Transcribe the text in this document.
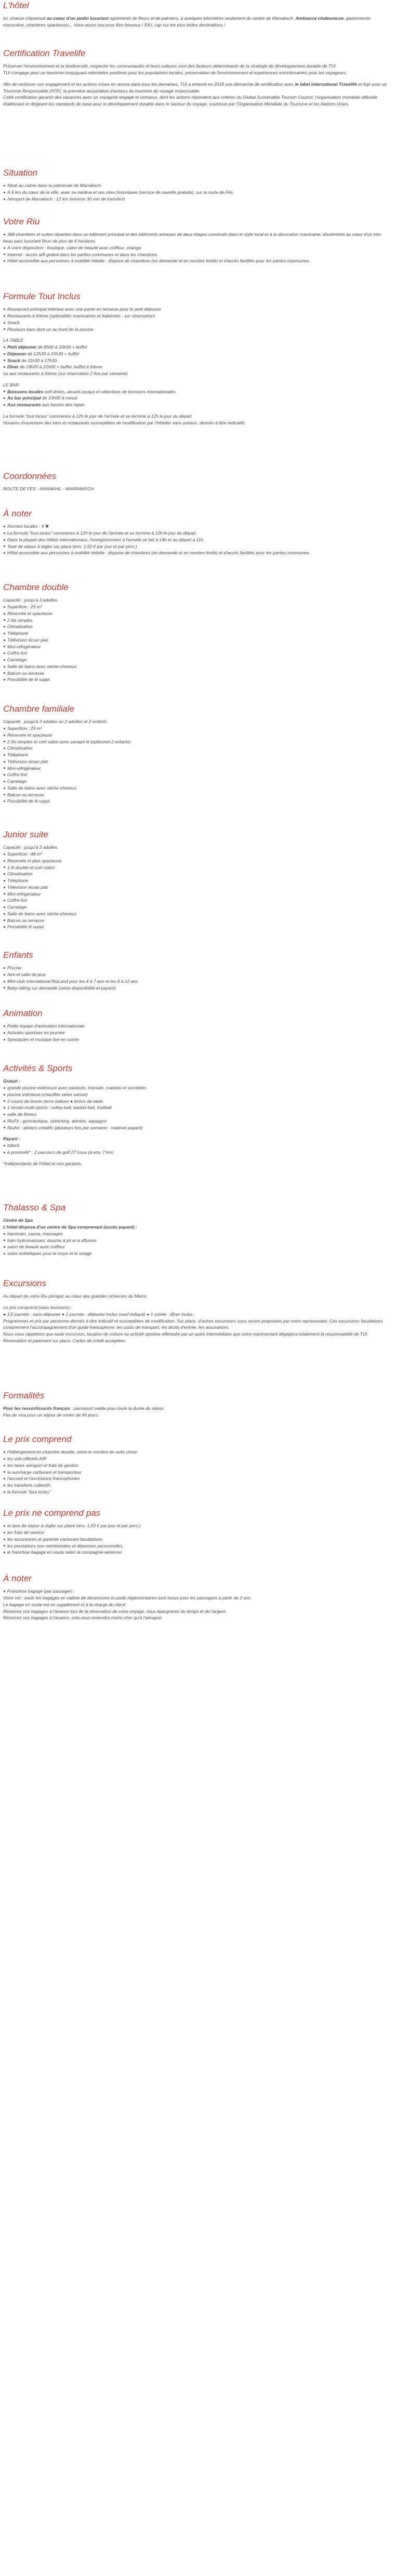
L'hôtel

Ici, chacun s'épanouit au coeur d'un jardin luxuriant agrémenté de fleurs et de palmiers, à quelques kilomètres seulement du centre de Marrakech. Ambiance chaleureuse, gastronomie marocaine, chambres spacieuses... Vous aurez tout pour être heureux ! RIU, cap sur les plus belles destinations !

Certification Travelife

Préserver l'environnement et la biodiversité, respecter les communautés et leurs cultures sont des facteurs déterminants de la stratégie de développement durable de TUI.

TUI s'engage pour un tourisme conjuguant retombées positives pour les populations locales, préservation de l'environnement et expériences enrichissantes pour les voyageurs.

Afin de renforcer son engagement et les actions mises en œuvre dans tous les domaines, TUI a entamé en 2018 une démarche de certification avec le label international Travelife et Agir pour un Tourisme Responsable (ATR), la première association d'acteurs du tourisme du voyage responsable.

Cette certification garantit des vacances avec un voyagiste engagé et vertueux, dont les actions répondent aux critères du Global Sustainable Tourism Council, l'organisation mondiale officielle établissant et dirigeant les standards de base pour le développement durable dans le secteur du voyage, soutenue par l'Organisation Mondiale du Tourisme et les Nations Unies.

Situation
Situé au calme dans la palmeraie de Marrakech.
À 6 km du cœur de la ville, avec sa médina et ses sites historiques (service de navette gratuite), sur la route de Fès.
Aéroport de Marrakech : 12 km (environ 30 min de transfert)
Votre Riu
388 chambres et suites réparties dans un bâtiment principal et des bâtiments annexes de deux étages construits dans le style local et à la décoration marocaine, disséminés au cœur d'un très beau parc luxuriant fleuri de plus de 6 hectares.
À votre disposition : boutique, salon de beauté avec coiffeur, change.
Internet : accès wifi gratuit dans les parties communes et dans les chambres.
Hôtel accessible aux personnes à mobilité réduite : dispose de chambres (en demande et en nombre limité) et d'accès facilités pour les parties communes.
Formule Tout Inclus
Restaurant principal intérieur avec une partie en terrasse pour le petit déjeuner
Restaurants à thème (spécialités marocaines et italiennes - sur réservation)
Snack
Plusieurs bars dont un au bord de la piscine

LA TABLE

Petit déjeuner de 8h00 à 10h30 + buffet
Déjeuner de 12h30 à 15h30 + buffet
Snack de 11h30 à 17h30
Dîner de 19h00 à 22h00 + buffet, buffet à thème

ou aux restaurants à thème (sur réservation 2 fois par semaine)

LE BAR

Boissons locales soft drinks, alcools locaux et sélections de boissons internationales
Au bar principal de 10h00 à minuit
Aux restaurants aux heures des repas

La formule "tout inclus" commence à 12h le jour de l'arrivée et se termine à 12h le jour du départ.

Horaires d'ouverture des bars et restaurants susceptibles de modification par l'hôtelier sans préavis, donnés à titre indicatifs.

Coordonnées

ROUTE DE FÈS - ANNAKHIL - MARRAKECH

À noter
Normes locales : 4 ✱
La formule "tout inclus" commence à 12h le jour de l'arrivée et se termine à 12h le jour du départ.
Dans la plupart des hôtels internationaux, l'enregistrement à l'arrivée se fait à 14h et au départ à 11h.
Taxe de séjour à régler sur place (env. 1,50 € par jour et par pers.).
Hôtel accessible aux personnes à mobilité réduite : dispose de chambres (en demande et en nombre limité) et d'accès facilités pour les parties communes.
Chambre double

Capacité : jusqu'à 3 adultes.

Superficie : 29 m²
Réservée et spacieuse
2 lits simples
Climatisation
Téléphone
Télévision écran plat
Mini-réfrigérateur
Coffre-fort
Carrelage
Salle de bains avec sèche-cheveux
Balcon ou terrasse
Possibilité de lit suppl.
Chambre familiale

Capacité : jusqu'à 3 adultes ou 2 adultes et 2 enfants.

Superficie : 29 m²
Réservée et spacieuse
2 lits simples et coin salon avec canapé lit (optionnel 2 enfants)
Climatisation
Téléphone
Télévision écran plat
Mini-réfrigérateur
Coffre-fort
Carrelage
Salle de bains avec sèche-cheveux
Balcon ou terrasse
Possibilité de lit suppl.
Junior suite

Capacité : jusqu'à 3 adultes.

Superficie : 48 m²
Réservée et plus spacieuse
1 lit double et coin salon
Climatisation
Téléphone
Télévision écran plat
Mini-réfrigérateur
Coffre-fort
Carrelage
Salle de bains avec sèche-cheveux
Balcon ou terrasse
Possibilité lit suppl.
Enfants
Piscine
Aire et salle de jeux
Mini-club international RiuLand pour les 4 à 7 ans et les 8 à 12 ans
Baby-sitting sur demande (selon disponibilité et payant)
Animation
Petite équipe d'animation internationale
Activités sportives en journée
Spectacles et musique live en soirée
Activités & Sports

Gratuit :

grande piscine extérieure avec parasols, transats, matelas et serviettes
piscine intérieure (chauffée selon saison)
2 courts de tennis (terre battue) ● tennis de table
1 terrain multi-sports : volley-ball, basket-ball, football
salle de fitness
RiuFit : gymnastique, stretching, aérobic, aquagym
RiuArt : ateliers créatifs (plusieurs fois par semaine - matériel payant)

Payant :

billard
à proximité* : 2 parcours de golf 27 trous (à env. 7 km)

*Indépendants de l'hôtel et non garantis.

Thalasso & Spa

Centre de Spa

L'hôtel dispose d'un centre de Spa comprenant (accès payant) :

hammam, sauna, massages
bain hydromassant, douche à jet et à affusion
salon de beauté avec coiffeur
soins esthétiques pour le corps et le visage
Excursions

Au départ de votre Riu plongez au cœur des grandes richesses du Maroc.

Le prix comprend (sans boissons) :

● 1/2 journée : sans déjeuner ● 1 journée : déjeuner inclus (sauf indiqué) ● 1 soirée : dîner inclus.

Programmes et prix par personne donnés à titre indicatif et susceptibles de modification. Sur place, d'autres excursions vous seront proposées par notre représentant. Ces excursions facultatives comprennent l'accompagnement d'un guide francophone, les coûts de transport, les droits d'entrée, les assurances.

Nous vous rappelons que toute excursion, location de voiture ou activité sportive effectuée par un autre intermédiaire que notre représentant dégagera totalement la responsabilité de TUI. Réservation et paiement sur place. Cartes de crédit acceptées.

Formalités

Pour les ressortissants français : passeport valide pour toute la durée du séjour.

Pas de visa pour un séjour de moins de 90 jours.

Le prix comprend
l'hébergement en chambre double, selon le nombre de nuits choisi
les vols officiels A/R
les taxes aéroport et frais de gestion
la surcharge carburant et transporteur
l'accueil et l'assistance francophones
les transferts collectifs
la formule "tout inclus"
Le prix ne comprend pas
la taxe de séjour à régler sur place (env. 1,50 € par jour et par pers.)
les frais de service
les assurances et garantie carburant facultatives
les prestations non mentionnées et dépenses personnelles
le franchise bagage en soute selon la compagnie aérienne
À noter
Franchise bagage (par passager) :

Votre vol : seuls les bagages en cabine de dimensions et poids réglementaires sont inclus pour les passagers à partir de 2 ans.

Le bagage en soute est en supplément et à la charge du client.

Réservez vos bagages à l'avance lors de la réservation de votre voyage, vous épargnerez du temps et de l'argent.

Réservez vos bagages à l'avance, cela vous reviendra moins cher qu'à l'aéroport.
